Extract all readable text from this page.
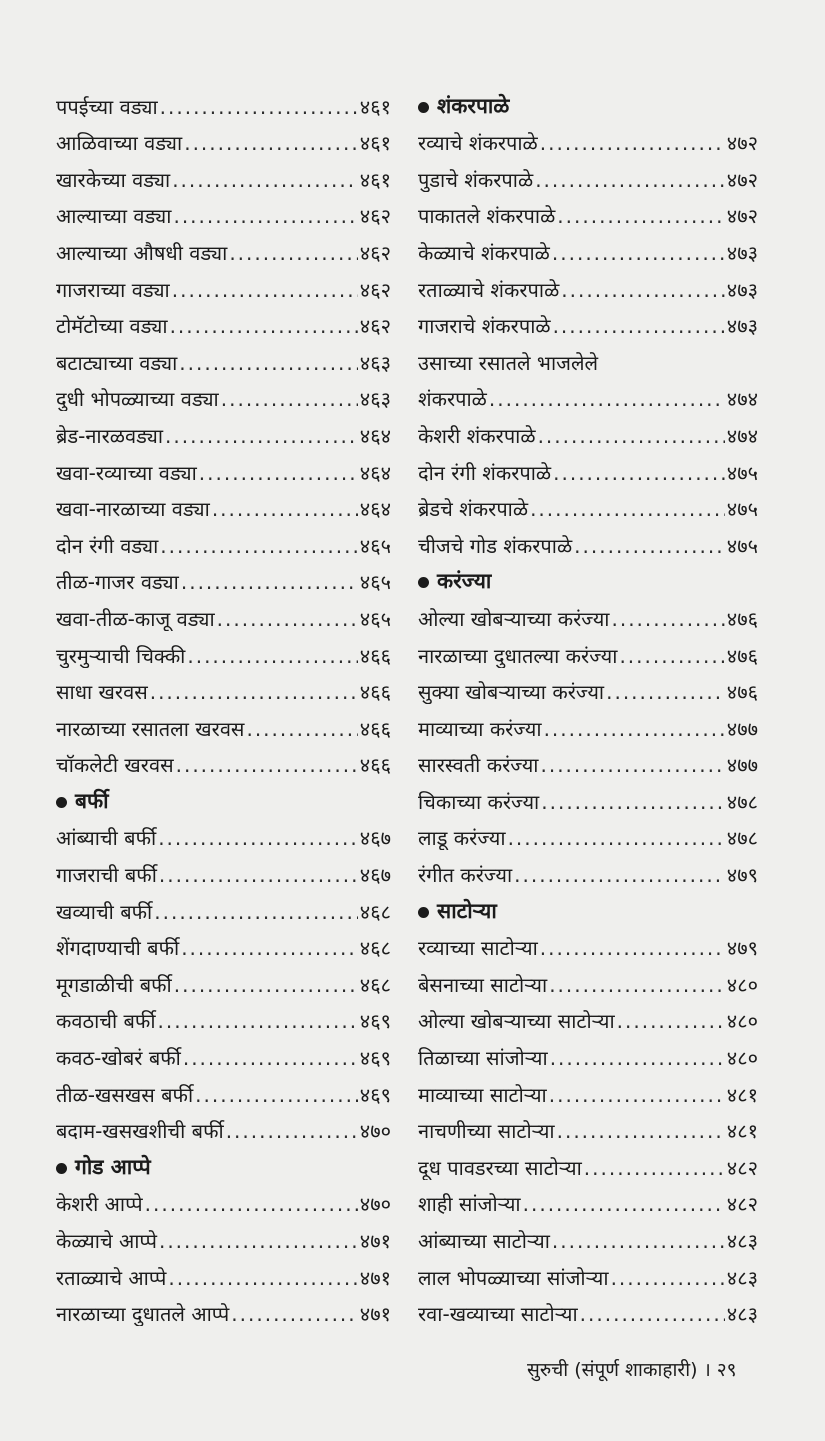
पपईच्या वड्या .....	४६१
आळिवाच्या वड्या .....	४६१
खारकेच्या वड्या .....	४६१
आल्याच्या वड्या .....	४६२
आल्याच्या औषधी वड्या .....	४६२
गाजराच्या वड्या .....	४६२
टोमॅटोच्या वड्या .....	४६२
बटाट्याच्या वड्या .....	४६३
दुधी भोपळ्याच्या वड्या .....	४६३
ब्रेड-नारळवड्या .....	४६४
खवा-रव्याच्या वड्या .....	४६४
खवा-नारळाच्या वड्या .....	४६४
दोन रंगी वड्या .....	४६५
तीळ-गाजर वड्या .....	४६५
खवा-तीळ-काजू वड्या .....	४६५
चुरमुऱ्याची चिक्की .....	४६६
साधा खरवस .....	४६६
नारळाच्या रसातला खरवस .....	४६६
चॉकलेटी खरवस .....	४६६
बर्फी
आंब्याची बर्फी .....	४६७
गाजराची बर्फी .....	४६७
खव्याची बर्फी .....	४६८
शेंगदाण्याची बर्फी .....	४६८
मूगडाळीची बर्फी .....	४६८
कवठाची बर्फी .....	४६९
कवठ-खोबरं बर्फी .....	४६९
तीळ-खसखस बर्फी .....	४६९
बदाम-खसखशीची बर्फी .....	४७०
गोड आप्पे
केशरी आप्पे .....	४७०
केळ्याचे आप्पे .....	४७१
रताळ्याचे आप्पे .....	४७१
नारळाच्या दुधातले आप्पे .....	४७१
शंकरपाळे
रव्याचे शंकरपाळे .....	४७२
पुडाचे शंकरपाळे .....	४७२
पाकातले शंकरपाळे .....	४७२
केळ्याचे शंकरपाळे .....	४७३
रताळ्याचे शंकरपाळे .....	४७३
गाजराचे शंकरपाळे .....	४७३
उसाच्या रसातले भाजलेले
शंकरपाळे .....	४७४
केशरी शंकरपाळे .....	४७४
दोन रंगी शंकरपाळे .....	४७५
ब्रेडचे शंकरपाळे .....	४७५
चीजचे गोड शंकरपाळे .....	४७५
करंज्या
ओल्या खोबऱ्याच्या करंज्या .....	४७६
नारळाच्या दुधातल्या करंज्या .....	४७६
सुक्या खोबऱ्याच्या करंज्या .....	४७६
माव्याच्या करंज्या .....	४७७
सारस्वती करंज्या .....	४७७
चिकाच्या करंज्या .....	४७८
लाडू करंज्या .....	४७८
रंगीत करंज्या .....	४७९
साटोऱ्या
रव्याच्या साटोऱ्या .....	४७९
बेसनाच्या साटोऱ्या .....	४८०
ओल्या खोबऱ्याच्या साटोऱ्या .....	४८०
तिळाच्या सांजोऱ्या .....	४८०
माव्याच्या साटोऱ्या .....	४८१
नाचणीच्या साटोऱ्या .....	४८१
दूध पावडरच्या साटोऱ्या .....	४८२
शाही सांजोऱ्या .....	४८२
आंब्याच्या साटोऱ्या .....	४८३
लाल भोपळ्याच्या सांजोऱ्या .....	४८३
रवा-खव्याच्या साटोऱ्या .....	४८३
सुरुची (संपूर्ण शाकाहारी) । २९
